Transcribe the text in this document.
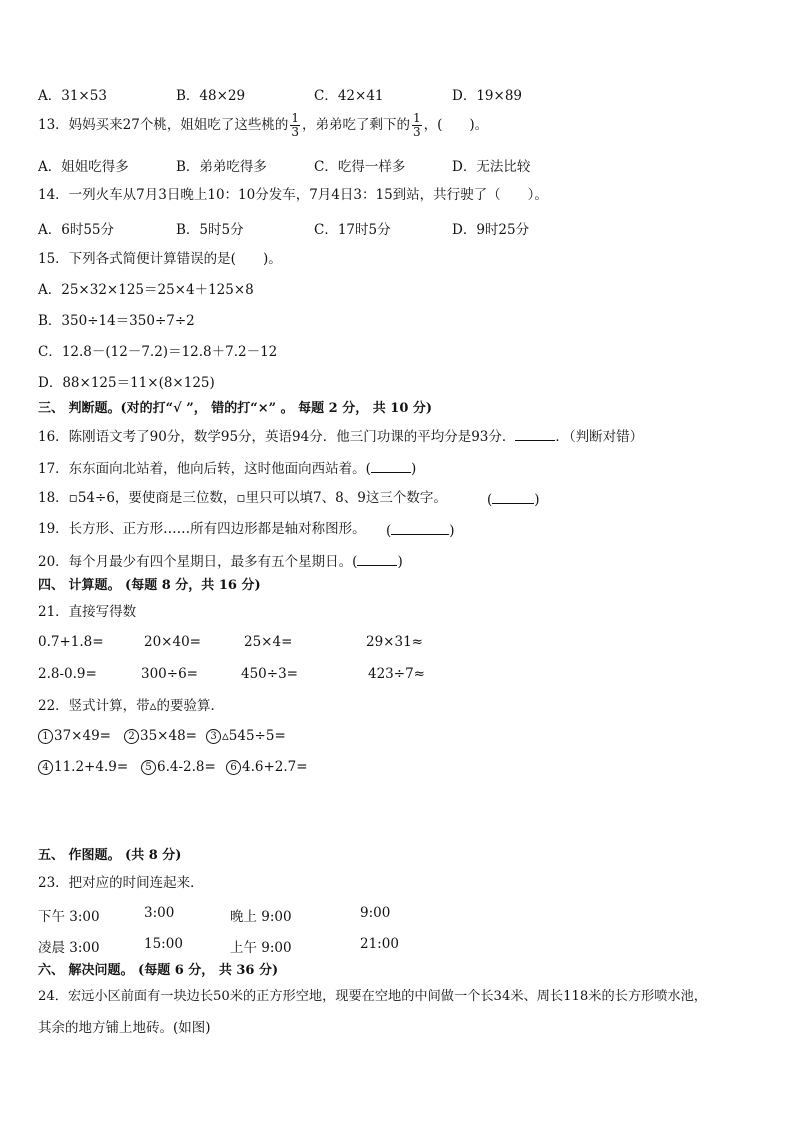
A．31×53	B．48×29	C．42×41	D．19×89
13．妈妈买来27个桃，姐姐吃了这些桃的 $\frac{1}{3}$ ，弟弟吃了剩下的 $\frac{1}{3}$ ，(　　)。
A．姐姐吃得多	B．弟弟吃得多	C．吃得一样多	D．无法比较
14．一列火车从7月3日晚上10：10分发车，7月4日3：15到站，共行驶了（　　）。
A．6时55分	B．5时5分	C．17时5分	D．9时25分
15．下列各式简便计算错误的是(　　)。
A．25×32×125＝25×4＋125×8
B．350÷14＝350÷7÷2
C．12.8－(12－7.2)＝12.8＋7.2－12
D．88×125＝11×(8×125)
三、 判断题。(对的打“√ ”， 错的打“×” 。 每题 2 分， 共 10 分)
16．陈刚语文考了90分，数学95分，英语94分．他三门功课的平均分是93分．	．（判断对错）
17．东东面向北站着，他向后转，这时他面向西站着。(	)
18．▫54÷6，要使商是三位数，▫里只可以填7、8、9这三个数字。	(	)
19．长方形、正方形……所有四边形都是轴对称图形。 (	)
20．每个月最少有四个星期日，最多有五个星期日。(	)
四、 计算题。 (每题 8 分，共 16 分)
21．直接写得数
0.7+1.8=	20×40=	25×4=	29×31≈
2.8-0.9=	300÷6=	450÷3=	423÷7≈
22．竖式计算，带▵的要验算．
1 37×49=	2 35×48=	3 ▵545÷5=
4 11.2+4.9=	5 6.4-2.8=	6 4.6+2.7=
五、 作图题。 (共 8 分)
23．把对应的时间连起来．
下午 3:00	3:00	晚上 9:00	9:00
凌晨 3:00	15:00	上午 9:00	21:00
六、 解决问题。 (每题 6 分， 共 36 分)
24．宏远小区前面有一块边长50米的正方形空地，现要在空地的中间做一个长34米、周长118米的长方形喷水池，
其余的地方铺上地砖。(如图)
